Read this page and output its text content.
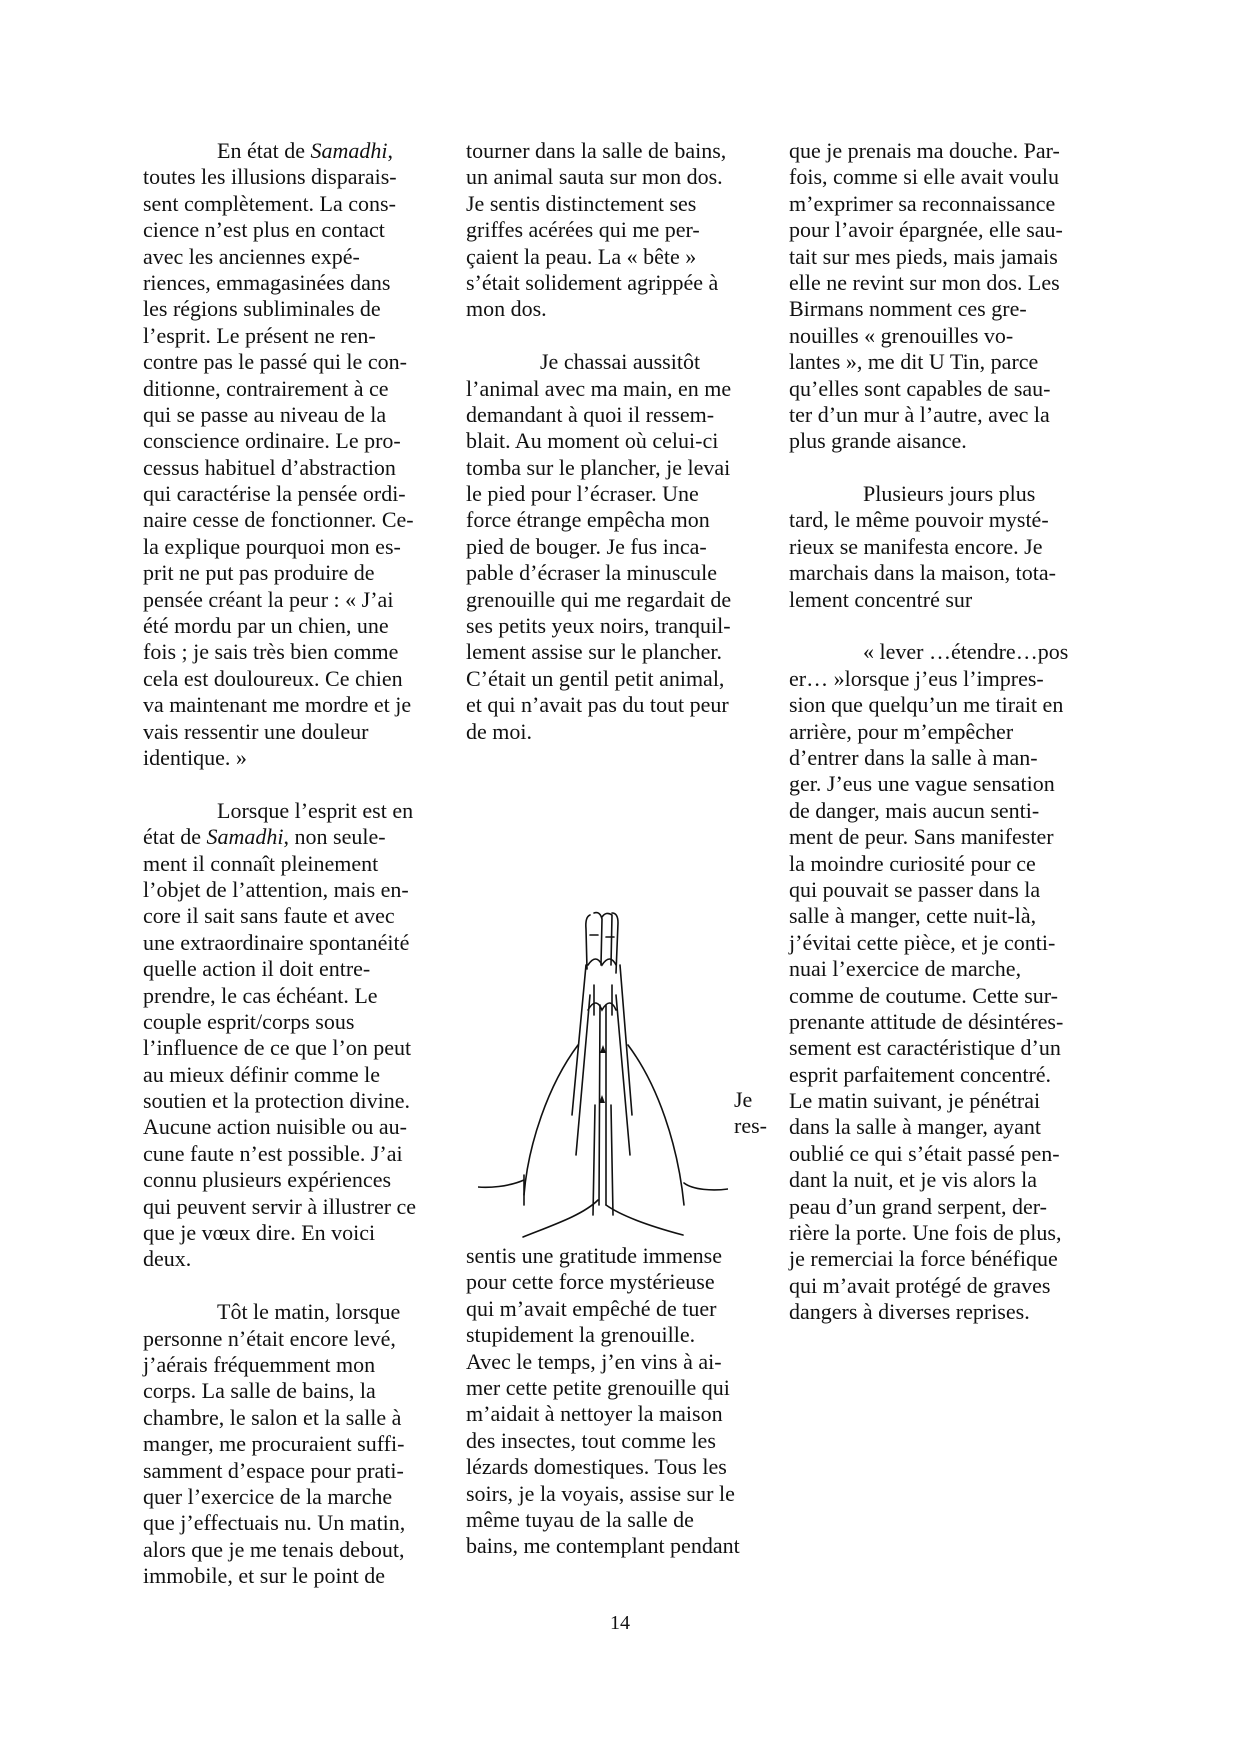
En état de Samadhi,
toutes les illusions disparais-
sent complètement. La cons-
cience n’est plus en contact
avec les anciennes expé-
riences, emmagasinées dans
les régions subliminales de
l’esprit. Le présent ne ren-
contre pas le passé qui le con-
ditionne, contrairement à ce
qui se passe au niveau de la
conscience ordinaire. Le pro-
cessus habituel d’abstraction
qui caractérise la pensée ordi-
naire cesse de fonctionner. Ce-
la explique pourquoi mon es-
prit ne put pas produire de
pensée créant la peur : « J’ai
été mordu par un chien, une
fois ; je sais très bien comme
cela est douloureux. Ce chien
va maintenant me mordre et je
vais ressentir une douleur
identique. »
Lorsque l’esprit est en
état de Samadhi, non seule-
ment il connaît pleinement
l’objet de l’attention, mais en-
core il sait sans faute et avec
une extraordinaire spontanéité
quelle action il doit entre-
prendre, le cas échéant. Le
couple esprit/corps sous
l’influence de ce que l’on peut
au mieux définir comme le
soutien et la protection divine.
Aucune action nuisible ou au-
cune faute n’est possible. J’ai
connu plusieurs expériences
qui peuvent servir à illustrer ce
que je vœux dire. En voici
deux.
Tôt le matin, lorsque
personne n’était encore levé,
j’aérais fréquemment mon
corps. La salle de bains, la
chambre, le salon et la salle à
manger, me procuraient suffi-
samment d’espace pour prati-
quer l’exercice de la marche
que j’effectuais nu. Un matin,
alors que je me tenais debout,
immobile, et sur le point de
tourner dans la salle de bains,
un animal sauta sur mon dos.
Je sentis distinctement ses
griffes acérées qui me per-
çaient la peau. La « bête »
s’était solidement agrippée à
mon dos.
Je chassai aussitôt
l’animal avec ma main, en me
demandant à quoi il ressem-
blait. Au moment où celui-ci
tomba sur le plancher, je levai
le pied pour l’écraser. Une
force étrange empêcha mon
pied de bouger. Je fus inca-
pable d’écraser la minuscule
grenouille qui me regardait de
ses petits yeux noirs, tranquil-
lement assise sur le plancher.
C’était un gentil petit animal,
et qui n’avait pas du tout peur
de moi.
Je
res-
sentis une gratitude immense
pour cette force mystérieuse
qui m’avait empêché de tuer
stupidement la grenouille.
Avec le temps, j’en vins à ai-
mer cette petite grenouille qui
m’aidait à nettoyer la maison
des insectes, tout comme les
lézards domestiques. Tous les
soirs, je la voyais, assise sur le
même tuyau de la salle de
bains, me contemplant pendant
que je prenais ma douche. Par-
fois, comme si elle avait voulu
m’exprimer sa reconnaissance
pour l’avoir épargnée, elle sau-
tait sur mes pieds, mais jamais
elle ne revint sur mon dos. Les
Birmans nomment ces gre-
nouilles « grenouilles vo-
lantes », me dit U Tin, parce
qu’elles sont capables de sau-
ter d’un mur à l’autre, avec la
plus grande aisance.
Plusieurs jours plus
tard, le même pouvoir mysté-
rieux se manifesta encore. Je
marchais dans la maison, tota-
lement concentré sur
« lever …étendre…pos
er… »lorsque j’eus l’impres-
sion que quelqu’un me tirait en
arrière, pour m’empêcher
d’entrer dans la salle à man-
ger. J’eus une vague sensation
de danger, mais aucun senti-
ment de peur. Sans manifester
la moindre curiosité pour ce
qui pouvait se passer dans la
salle à manger, cette nuit-là,
j’évitai cette pièce, et je conti-
nuai l’exercice de marche,
comme de coutume. Cette sur-
prenante attitude de désintéres-
sement est caractéristique d’un
esprit parfaitement concentré.
Le matin suivant, je pénétrai
dans la salle à manger, ayant
oublié ce qui s’était passé pen-
dant la nuit, et je vis alors la
peau d’un grand serpent, der-
rière la porte. Une fois de plus,
je remerciai la force bénéfique
qui m’avait protégé de graves
dangers à diverses reprises.
14
